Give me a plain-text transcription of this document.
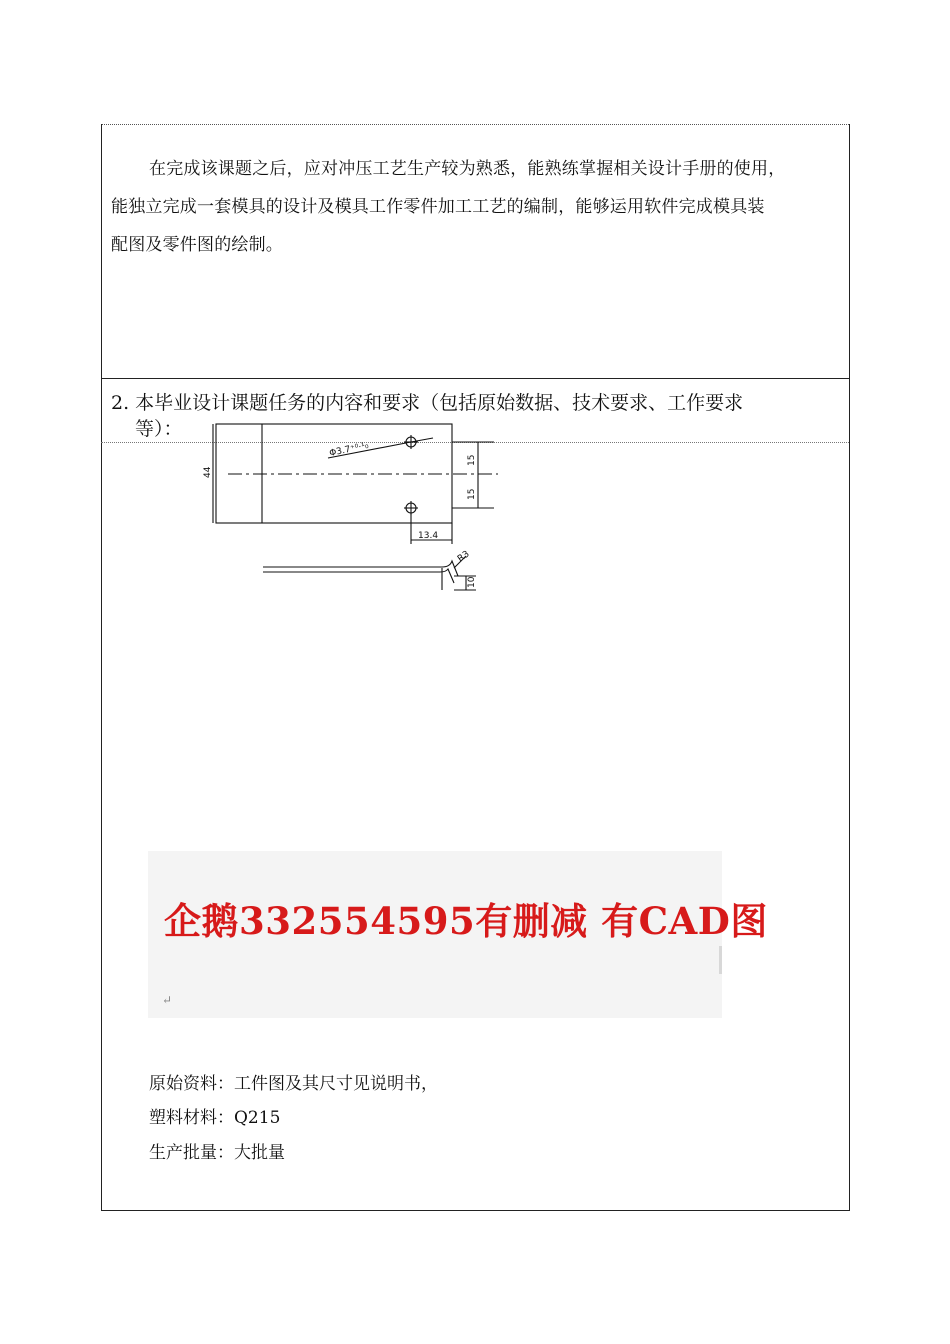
在完成该课题之后，应对冲压工艺生产较为熟悉，能熟练掌握相关设计手册的使用，

能独立完成一套模具的设计及模具工作零件加工工艺的编制，能够运用软件完成模具装

配图及零件图的绘制。

2. 本毕业设计课题任务的内容和要求（包括原始数据、技术要求、工作要求
等）：
44
15
15
Φ3.7⁺⁰·¹₀
13.4
R3
10
企鹅332554595有删减 有CAD图
↵
原始资料：工件图及其尺寸见说明书，
塑料材料：Q215
生产批量：大批量
